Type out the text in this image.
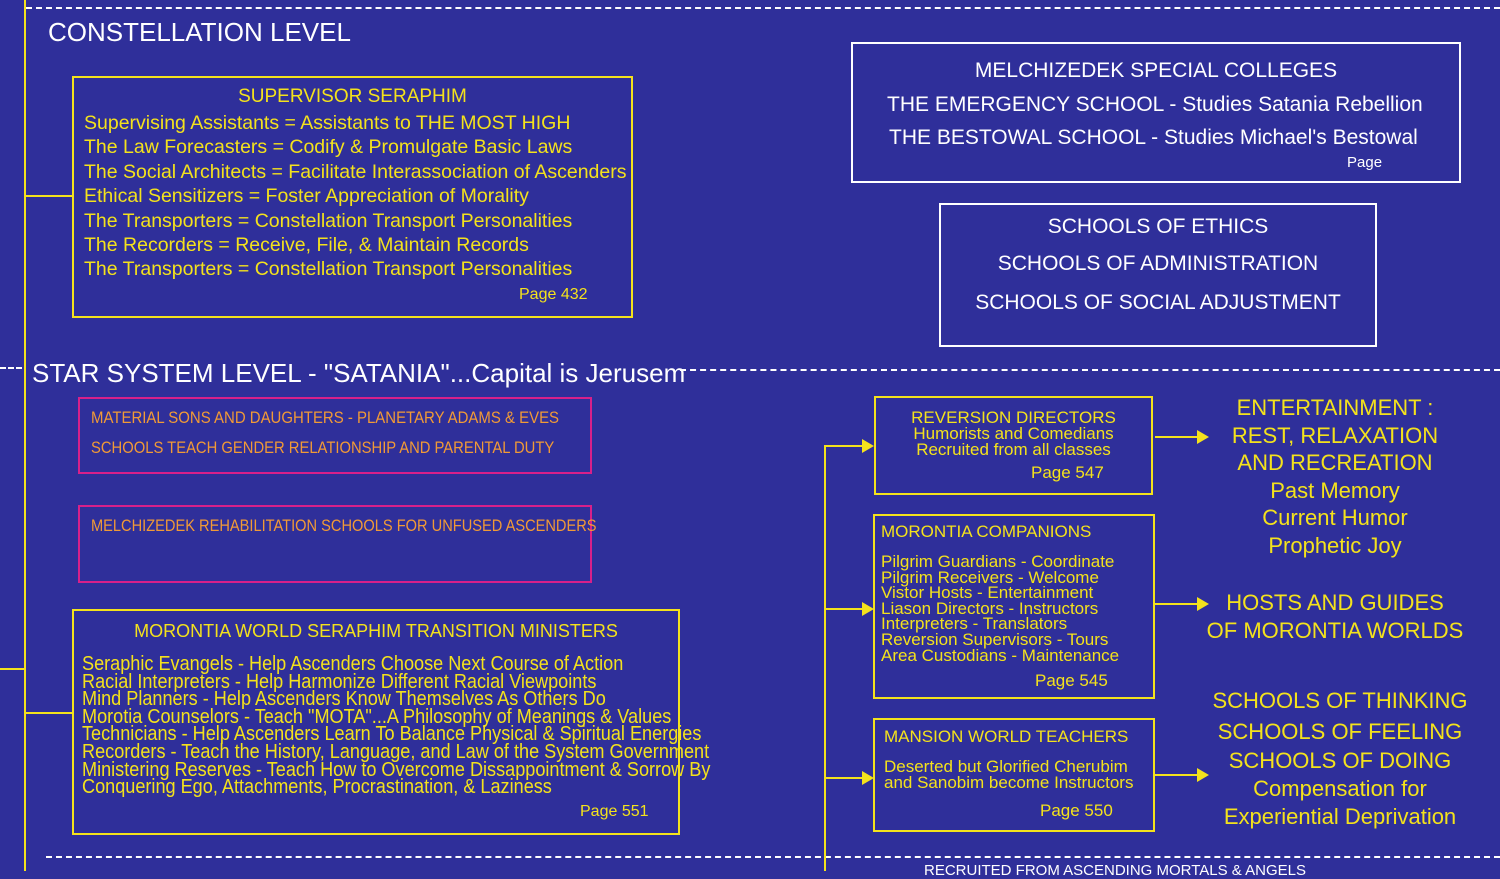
CONSTELLATION LEVEL
SUPERVISOR SERAPHIM
Supervising Assistants = Assistants to THE MOST HIGH
The Law Forecasters = Codify & Promulgate Basic Laws
The Social Architects = Facilitate Interassociation of Ascenders
Ethical Sensitizers = Foster Appreciation of Morality
The Transporters = Constellation Transport Personalities
The Recorders = Receive, File, & Maintain Records
The Transporters = Constellation Transport Personalities
Page 432
MELCHIZEDEK SPECIAL COLLEGES
THE EMERGENCY SCHOOL - Studies Satania Rebellion
THE BESTOWAL SCHOOL - Studies Michael's Bestowal
Page
SCHOOLS OF ETHICS
SCHOOLS OF ADMINISTRATION
SCHOOLS OF SOCIAL ADJUSTMENT
STAR SYSTEM LEVEL - "SATANIA"...Capital is Jerusem
MATERIAL SONS AND DAUGHTERS - PLANETARY ADAMS & EVES
SCHOOLS TEACH GENDER RELATIONSHIP AND PARENTAL DUTY
MELCHIZEDEK REHABILITATION SCHOOLS FOR UNFUSED ASCENDERS
MORONTIA WORLD SERAPHIM TRANSITION MINISTERS
Seraphic Evangels - Help Ascenders Choose Next Course of Action
Racial Interpreters - Help Harmonize Different Racial Viewpoints
Mind Planners - Help Ascenders Know Themselves As Others Do
Morotia Counselors - Teach "MOTA"...A Philosophy of Meanings & Values
Technicians - Help Ascenders Learn To Balance Physical & Spiritual Energies
Recorders - Teach the History, Language, and Law of the System Government
Ministering Reserves - Teach How to Overcome Dissappointment & Sorrow By
Conquering Ego, Attachments, Procrastination, & Laziness
Page 551
REVERSION DIRECTORS
Humorists and Comedians
Recruited from all classes
Page 547
MORONTIA COMPANIONS
Pilgrim Guardians - Coordinate
Pilgrim Receivers - Welcome
Vistor Hosts - Entertainment
Liason Directors - Instructors
Interpreters - Translators
Reversion Supervisors - Tours
Area Custodians - Maintenance
Page 545
MANSION WORLD TEACHERS
Deserted but Glorified Cherubim
and Sanobim become Instructors
Page 550
ENTERTAINMENT :
REST, RELAXATION
AND RECREATION
Past Memory
Current Humor
Prophetic Joy
HOSTS AND GUIDES
OF MORONTIA WORLDS
SCHOOLS OF THINKING
SCHOOLS OF FEELING
SCHOOLS OF DOING
Compensation for
Experiential Deprivation
RECRUITED FROM ASCENDING MORTALS & ANGELS
